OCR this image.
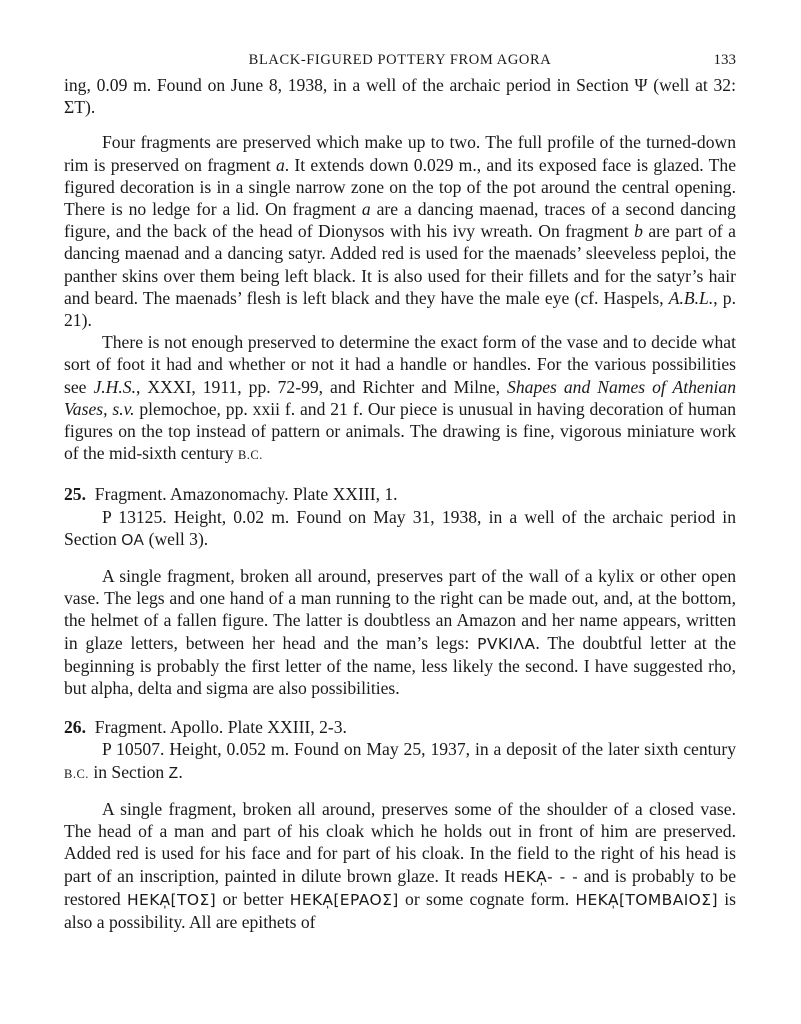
BLACK-FIGURED POTTERY FROM AGORA	133

ing, 0.09 m. Found on June 8, 1938, in a well of the archaic period in Section Ψ (well at 32: ΣT).

Four fragments are preserved which make up to two. The full profile of the turned-down rim is preserved on fragment a. It extends down 0.029 m., and its exposed face is glazed. The figured decoration is in a single narrow zone on the top of the pot around the central opening. There is no ledge for a lid. On fragment a are a dancing maenad, traces of a second dancing figure, and the back of the head of Dionysos with his ivy wreath. On fragment b are part of a dancing maenad and a dancing satyr. Added red is used for the maenads’ sleeveless peploi, the panther skins over them being left black. It is also used for their fillets and for the satyr’s hair and beard. The maenads’ flesh is left black and they have the male eye (cf. Haspels, A.B.L., p. 21).

There is not enough preserved to determine the exact form of the vase and to decide what sort of foot it had and whether or not it had a handle or handles. For the various possibilities see J.H.S., XXXI, 1911, pp. 72-99, and Richter and Milne, Shapes and Names of Athenian Vases, s.v. plemochoe, pp. xxii f. and 21 f. Our piece is unusual in having decoration of human figures on the top instead of pattern or animals. The drawing is fine, vigorous miniature work of the mid-sixth century B.C.

25. Fragment. Amazonomachy. Plate XXIII, 1.

P 13125. Height, 0.02 m. Found on May 31, 1938, in a well of the archaic period in Section OA (well 3).

A single fragment, broken all around, preserves part of the wall of a kylix or other open vase. The legs and one hand of a man running to the right can be made out, and, at the bottom, the helmet of a fallen figure. The latter is doubtless an Amazon and her name appears, written in glaze letters, between her head and the man’s legs: PVKIΛA. The doubtful letter at the beginning is probably the first letter of the name, less likely the second. I have suggested rho, but alpha, delta and sigma are also possibilities.

26. Fragment. Apollo. Plate XXIII, 2-3.

P 10507. Height, 0.052 m. Found on May 25, 1937, in a deposit of the later sixth century B.C. in Section Z.

A single fragment, broken all around, preserves some of the shoulder of a closed vase. The head of a man and part of his cloak which he holds out in front of him are preserved. Added red is used for his face and for part of his cloak. In the field to the right of his head is part of an inscription, painted in dilute brown glaze. It reads HEKA̩- - - and is probably to be restored HEKA̩[TOΣ] or better HEKA̩[EPAOΣ] or some cognate form. HEKA̩[TOMBAIOΣ] is also a possibility. All are epithets of
